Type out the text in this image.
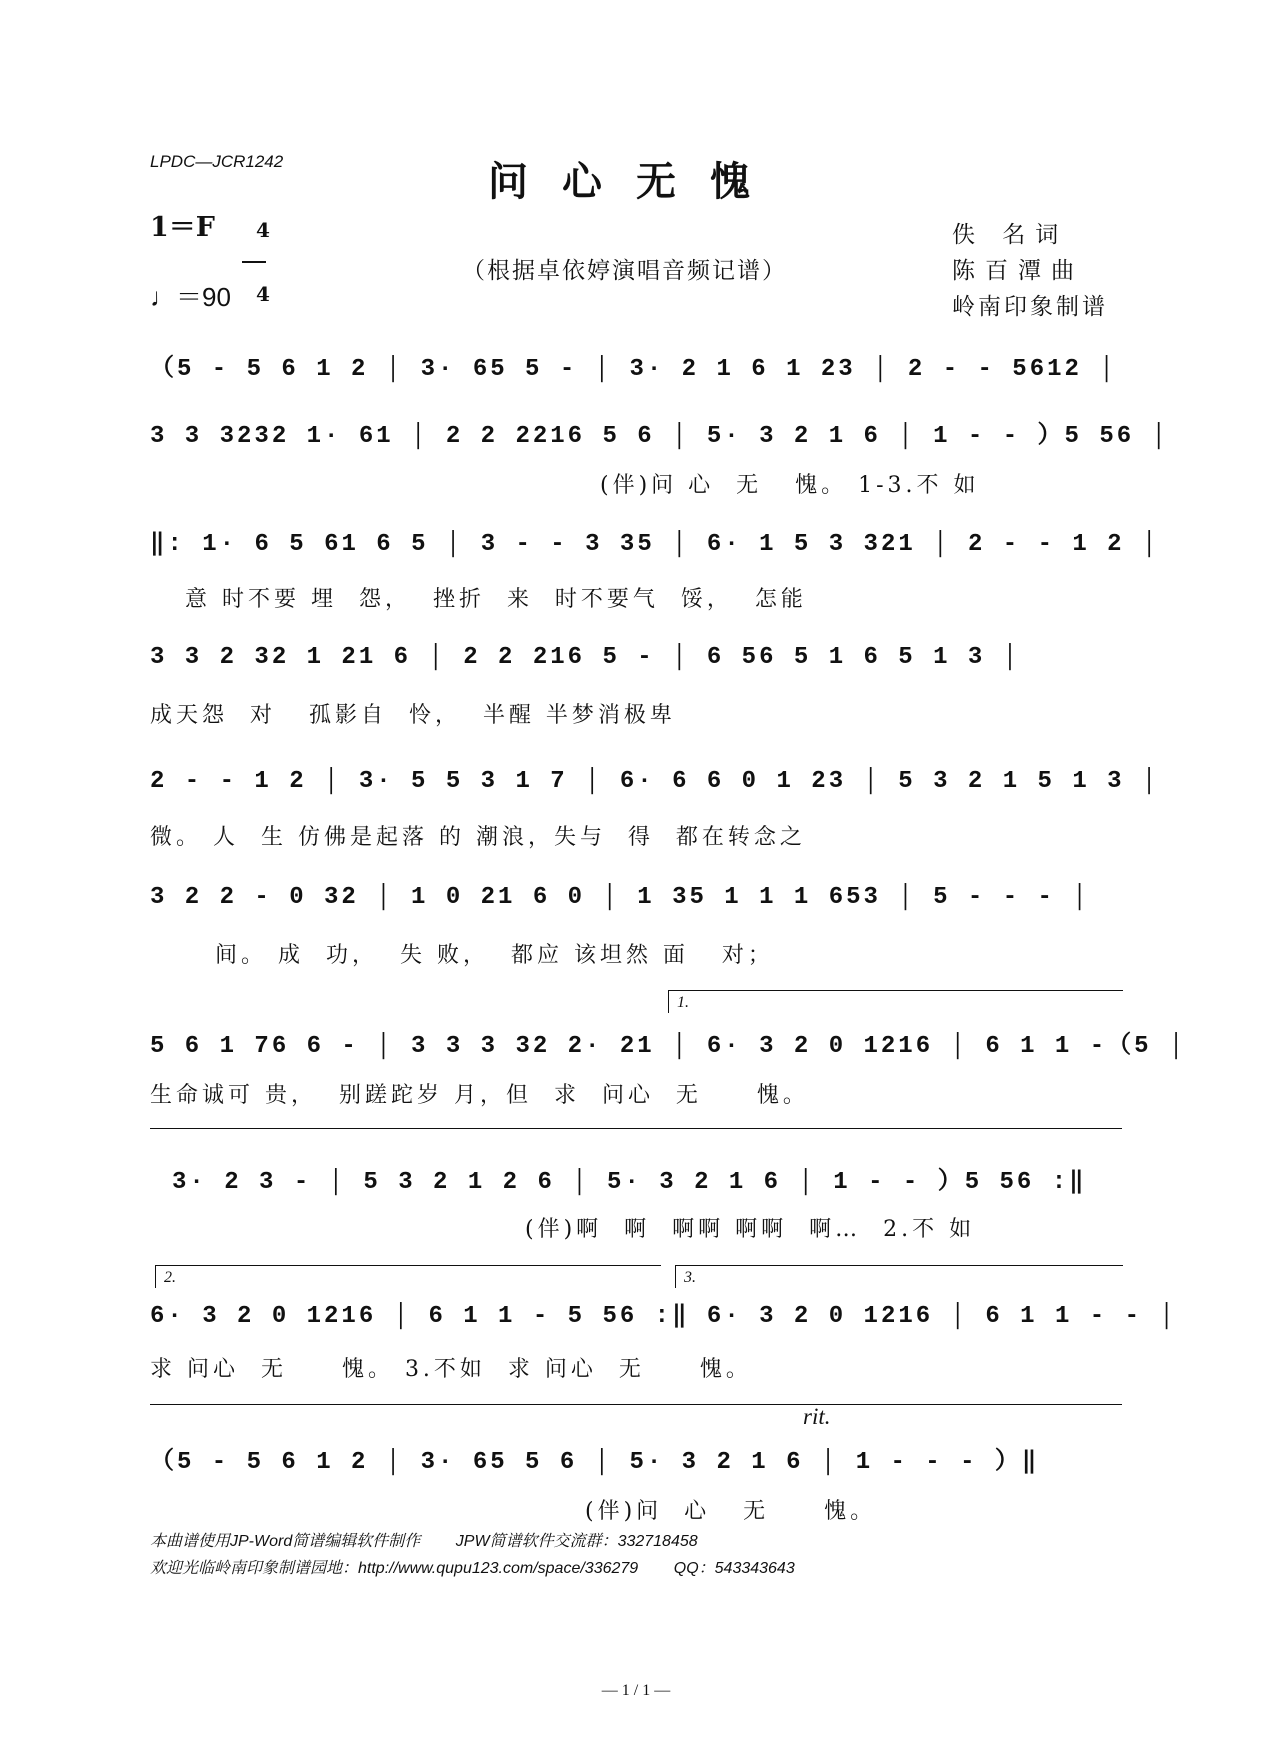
LPDC—JCR1242	问心无愧
1＝F	4

4

♩＝90
（根据卓依婷演唱音频记谱）
佚 名词
陈百潭曲
岭南印象制谱
1.
2.	3.
rit.
（5 - 5 6 1 2 │ 3· 65 5 - │ 3· 2 1 6 1 23 │ 2 - - 5612 │
3 3 3232 1· 61 │ 2 2 2216 5 6 │ 5· 3 2 1 6 │ 1 - - ）5 56 │
(伴)问 心  无   愧。 1-3.不 如
‖: 1· 6 5 61 6 5 │ 3 - - 3 35 │ 6· 1 5 3 321 │ 2 - - 1 2 │
意 时不要 埋  怨，  挫折  来  时不要气  馁，  怎能
3 3 2 32 1 21 6 │ 2 2 216 5 - │ 6 56 5 1 6 5 1 3 │
成天怨  对   孤影自  怜，  半醒 半梦消极卑
2 - - 1 2 │ 3· 5 5 3 1 7 │ 6· 6 6 0 1 23 │ 5 3 2 1 5 1 3 │
微。 人  生 仿佛是起落 的 潮浪，失与  得  都在转念之
3 2 2 - 0 32 │ 1 0 21 6 0 │ 1 35 1 1 1 653 │ 5 - - - │
间。 成  功，  失 败，  都应 该坦然 面   对；
5 6 1 76 6 - │ 3 3 3 32 2· 21 │ 6· 3 2 0 1216 │ 6 1 1 -（5 │
生命诚可 贵，  别蹉跎岁 月，但  求  问心  无     愧。
3· 2 3 - │ 5 3 2 1 2 6 │ 5· 3 2 1 6 │ 1 - - ）5 56 :‖
(伴)啊  啊  啊啊 啊啊  啊…  2.不 如
6· 3 2 0 1216 │ 6 1 1 - 5 56 :‖ 6· 3 2 0 1216 │ 6 1 1 - - │
求 问心  无     愧。 3.不如  求 问心  无     愧。
（5 - 5 6 1 2 │ 3· 65 5 6 │ 5· 3 2 1 6 │ 1 - - - ）‖
(伴)问  心   无     愧。
本曲谱使用JP-Word简谱编辑软件制作        JPW简谱软件交流群：332718458
欢迎光临岭南印象制谱园地：http://www.qupu123.com/space/336279        QQ：543343643
— 1 / 1 —
